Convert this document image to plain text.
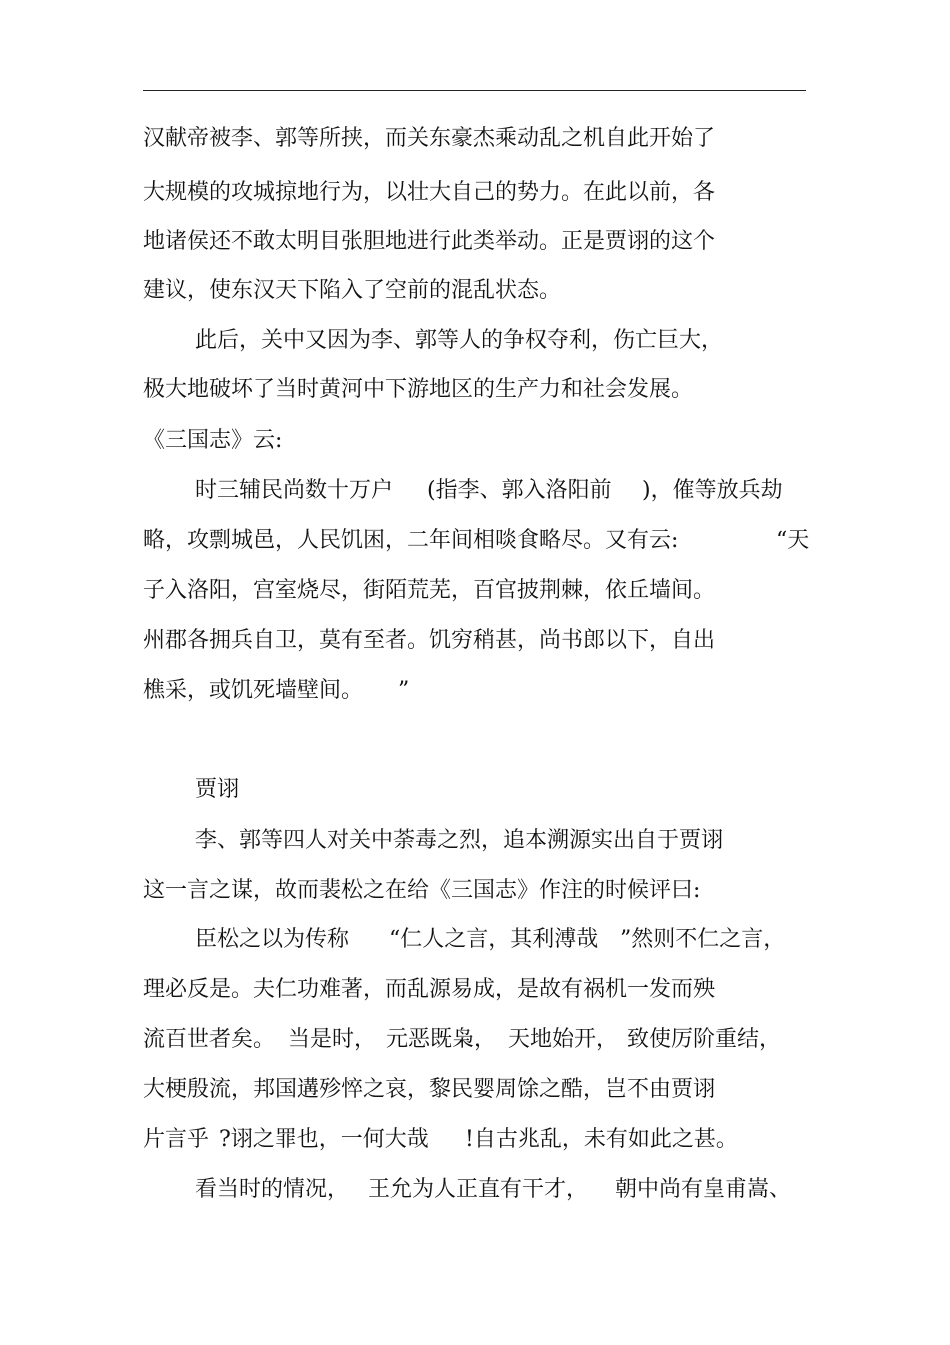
汉献帝被李、郭等所挟，而关东豪杰乘动乱之机自此开始了
大规模的攻城掠地行为，以壮大自己的势力。在此以前，各
地诸侯还不敢太明目张胆地进行此类举动。正是贾诩的这个
建议，使东汉天下陷入了空前的混乱状态。
此后，关中又因为李、郭等人的争权夺利，伤亡巨大，
极大地破坏了当时黄河中下游地区的生产力和社会发展。
《三国志》云:
时三辅民尚数十万户 (指李、郭入洛阳前 )，傕等放兵劫
略，攻剽城邑，人民饥困，二年间相啖食略尽。又有云:	“天
子入洛阳，宫室烧尽，街陌荒芜，百官披荆棘，依丘墙间。
州郡各拥兵自卫，莫有至者。饥穷稍甚，尚书郎以下，自出
樵采，或饥死墙壁间。 ”
贾诩
李、郭等四人对关中荼毒之烈，追本溯源实出自于贾诩
这一言之谋，故而裴松之在给《三国志》作注的时候评曰:
臣松之以为传称 “仁人之言，其利溥哉 ”然则不仁之言，
理必反是。夫仁功难著，而乱源易成，是故有祸机一发而殃
流百世者矣。 当是时， 元恶既枭， 天地始开， 致使厉阶重结，
大梗殷流，邦国遘殄悴之哀，黎民婴周馀之酷，岂不由贾诩
片言乎 ?诩之罪也，一何大哉 !自古兆乱，未有如此之甚。
看当时的情况， 王允为人正直有干才， 朝中尚有皇甫嵩、
